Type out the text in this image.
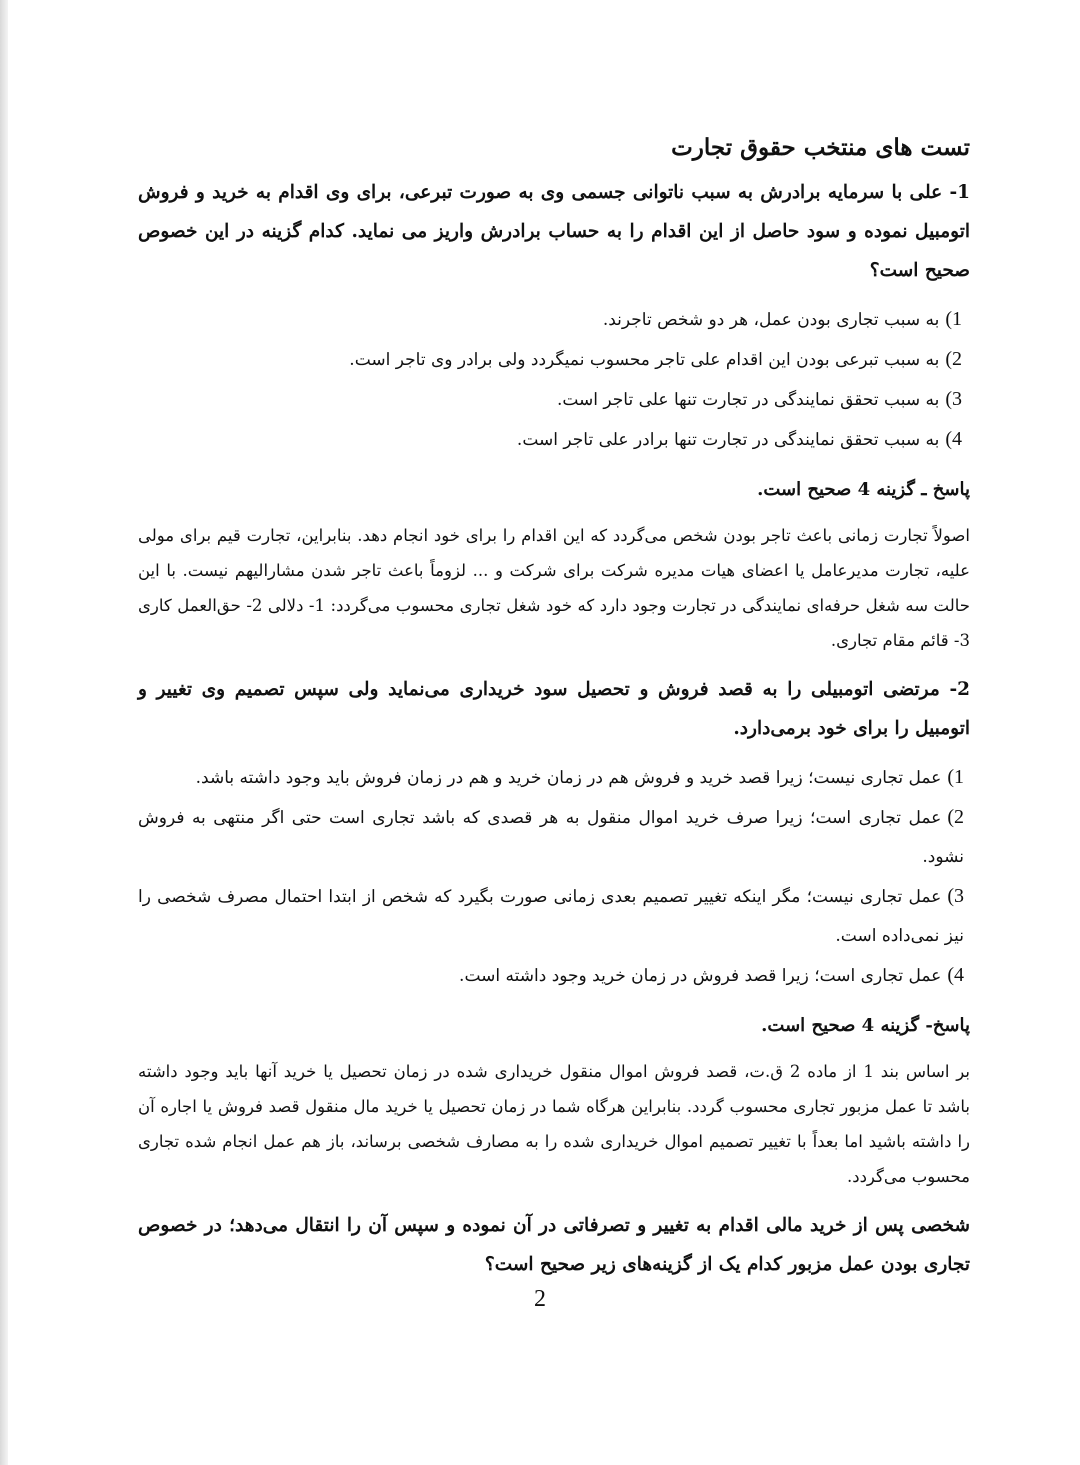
تست های منتخب حقوق تجارت

1- علی با سرمایه برادرش به سبب ناتوانی جسمی وی به صورت تبرعی، برای وی اقدام به خرید و فروش اتومبیل نموده و سود حاصل از این اقدام را به حساب برادرش واریز می نماید. کدام گزینه در این خصوص صحیح است؟

1)به سبب تجاری بودن عمل، هر دو شخص تاجرند.
2)به سبب تبرعی بودن این اقدام علی تاجر محسوب نمیگردد ولی برادر وی تاجر است.
3)به سبب تحقق نمایندگی در تجارت تنها علی تاجر است.
4)به سبب تحقق نمایندگی در تجارت تنها برادر علی تاجر است.

پاسخ ـ گزینه 4 صحیح است.

اصولاً تجارت زمانی باعث تاجر بودن شخص می‌گردد که این اقدام را برای خود انجام دهد. بنابراین، تجارت قیم برای مولی علیه، تجارت مدیرعامل یا اعضای هیات مدیره شرکت برای شرکت و ... لزوماً باعث تاجر شدن مشارالیهم نیست. با این حالت سه شغل حرفه‌ای نمایندگی در تجارت وجود دارد که خود شغل تجاری محسوب می‌گردد: 1- دلالی 2- حق‌العمل کاری 3- قائم مقام تجاری.

2- مرتضی اتومبیلی را به قصد فروش و تحصیل سود خریداری می‌نماید ولی سپس تصمیم وی تغییر و اتومبیل را برای خود برمی‌دارد.

1)عمل تجاری نیست؛ زیرا قصد خرید و فروش هم در زمان خرید و هم در زمان فروش باید وجود داشته باشد.
2)عمل تجاری است؛ زیرا صرف خرید اموال منقول به هر قصدی که باشد تجاری است حتی اگر منتهی به فروش نشود.
3)عمل تجاری نیست؛ مگر اینکه تغییر تصمیم بعدی زمانی صورت بگیرد که شخص از ابتدا احتمال مصرف شخصی را نیز نمی‌داده است.
4)عمل تجاری است؛ زیرا قصد فروش در زمان خرید وجود داشته است.

پاسخ- گزینه 4 صحیح است.

بر اساس بند 1 از ماده 2 ق.ت، قصد فروش اموال منقول خریداری شده در زمان تحصیل یا خرید آنها باید وجود داشته باشد تا عمل مزبور تجاری محسوب گردد. بنابراین هرگاه شما در زمان تحصیل یا خرید مال منقول قصد فروش یا اجاره آن را داشته باشید اما بعداً با تغییر تصمیم اموال خریداری شده را به مصارف شخصی برساند، باز هم عمل انجام شده تجاری محسوب می‌گردد.

شخصی پس از خرید مالی اقدام به تغییر و تصرفاتی در آن نموده و سپس آن را انتقال می‌دهد؛ در خصوص تجاری بودن عمل مزبور کدام یک از گزینه‌های زیر صحیح است؟

2
